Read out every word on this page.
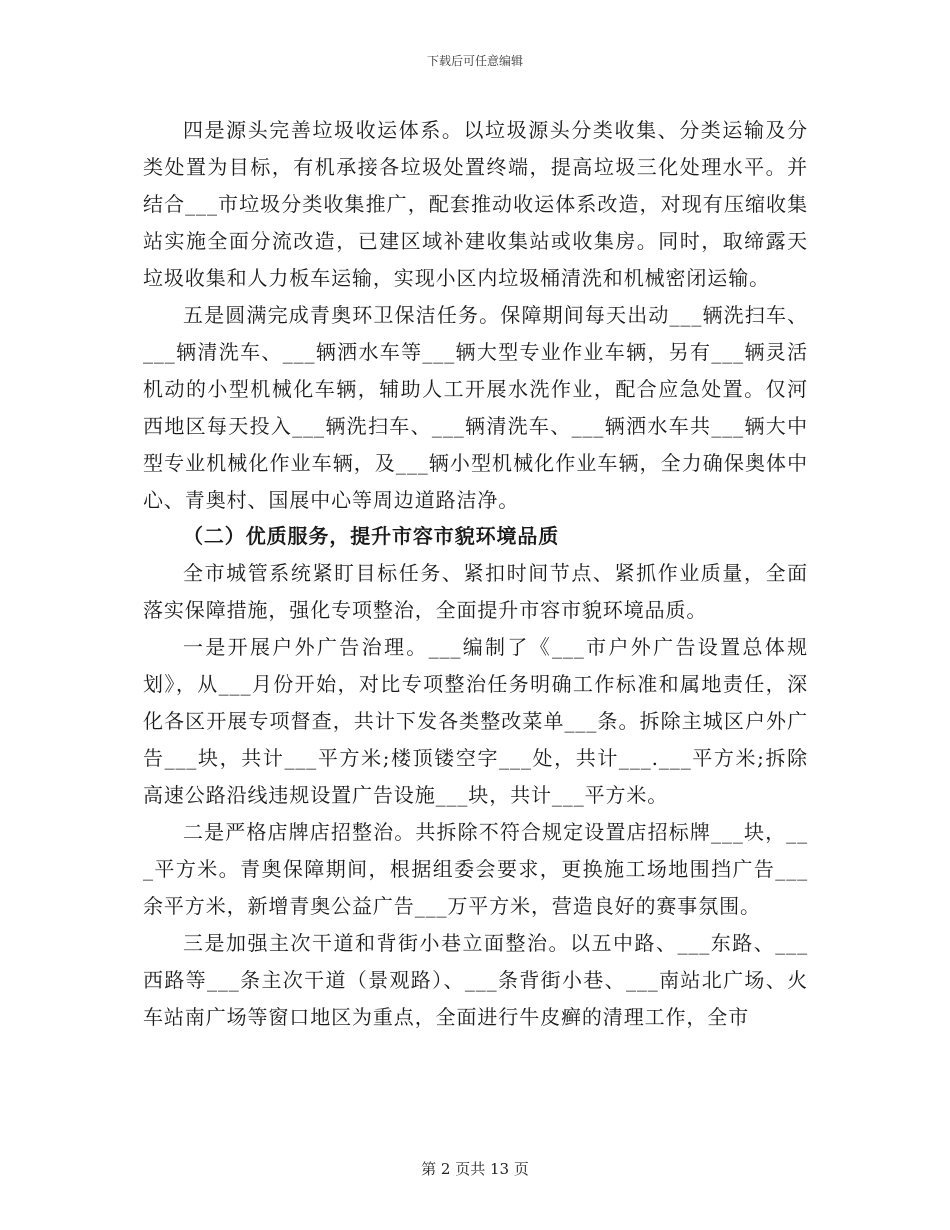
下载后可任意编辑

四是源头完善垃圾收运体系。以垃圾源头分类收集、分类运输及分类处置为目标，有机承接各垃圾处置终端，提高垃圾三化处理水平。并结合___市垃圾分类收集推广，配套推动收运体系改造，对现有压缩收集站实施全面分流改造，已建区域补建收集站或收集房。同时，取缔露天垃圾收集和人力板车运输，实现小区内垃圾桶清洗和机械密闭运输。

五是圆满完成青奥环卫保洁任务。保障期间每天出动___辆洗扫车、___辆清洗车、___辆洒水车等___辆大型专业作业车辆，另有___辆灵活机动的小型机械化车辆，辅助人工开展水洗作业，配合应急处置。仅河西地区每天投入___辆洗扫车、___辆清洗车、___辆洒水车共___辆大中型专业机械化作业车辆，及___辆小型机械化作业车辆，全力确保奥体中心、青奥村、国展中心等周边道路洁净。

（二）优质服务，提升市容市貌环境品质

全市城管系统紧盯目标任务、紧扣时间节点、紧抓作业质量，全面落实保障措施，强化专项整治，全面提升市容市貌环境品质。

一是开展户外广告治理。___编制了《___市户外广告设置总体规划》，从___月份开始，对比专项整治任务明确工作标准和属地责任，深化各区开展专项督查，共计下发各类整改菜单___条。拆除主城区户外广告___块，共计___平方米;楼顶镂空字___处，共计___.___平方米;拆除高速公路沿线违规设置广告设施___块，共计___平方米。

二是严格店牌店招整治。共拆除不符合规定设置店招标牌___块，___平方米。青奥保障期间，根据组委会要求，更换施工场地围挡广告___余平方米，新增青奥公益广告___万平方米，营造良好的赛事氛围。

三是加强主次干道和背街小巷立面整治。以五中路、___东路、___西路等___条主次干道（景观路）、___条背街小巷、___南站北广场、火车站南广场等窗口地区为重点，全面进行牛皮癣的清理工作，全市

第 2 页共 13 页
